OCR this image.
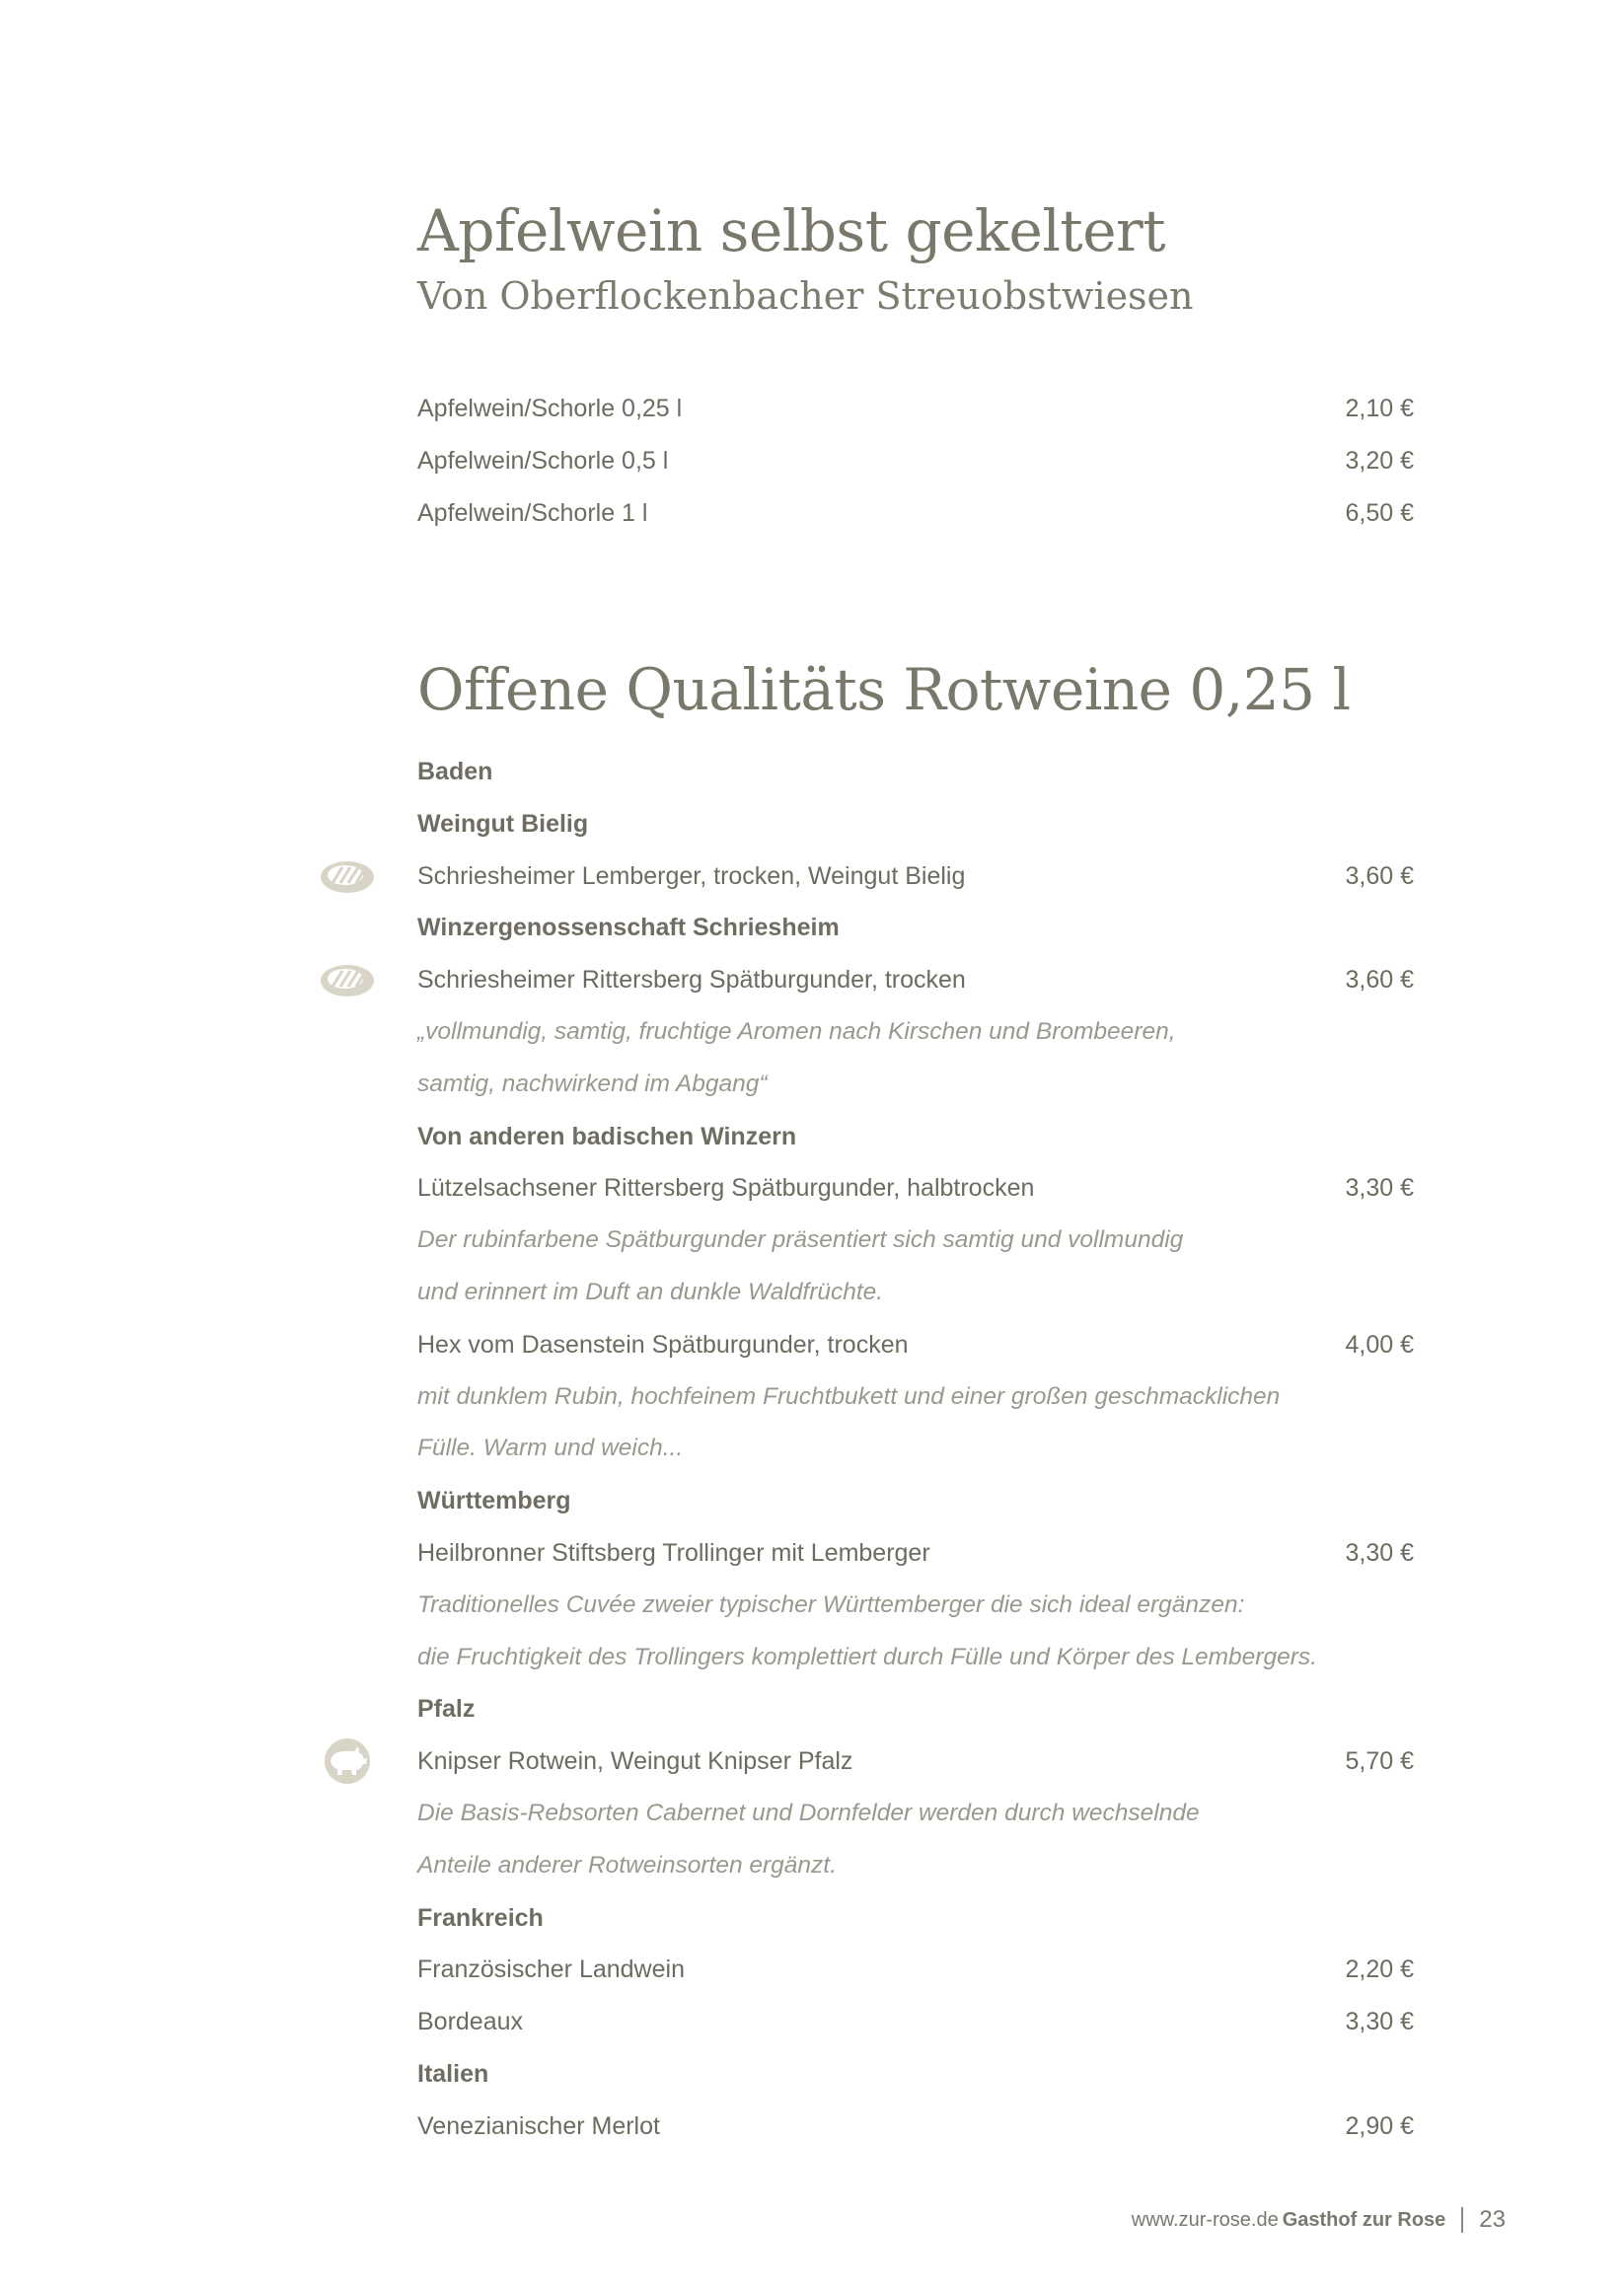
Apfelwein selbst gekeltert
Von Oberflockenbacher Streuobstwiesen
Apfelwein/Schorle 0,25 l	2,10 €
Apfelwein/Schorle 0,5 l	3,20 €
Apfelwein/Schorle 1 l	6,50 €
Offene Qualitäts Rotweine 0,25 l
Baden
Weingut Bielig
Schriesheimer Lemberger, trocken, Weingut Bielig	3,60 €
Winzergenossenschaft Schriesheim
Schriesheimer Rittersberg Spätburgunder, trocken	3,60 €
„vollmundig, samtig, fruchtige Aromen nach Kirschen und Brombeeren,
samtig, nachwirkend im Abgang“
Von anderen badischen Winzern
Lützelsachsener Rittersberg Spätburgunder, halbtrocken	3,30 €
Der rubinfarbene Spätburgunder präsentiert sich samtig und vollmundig
und erinnert im Duft an dunkle Waldfrüchte.
Hex vom Dasenstein Spätburgunder, trocken	4,00 €
mit dunklem Rubin, hochfeinem Fruchtbukett und einer großen geschmacklichen
Fülle. Warm und weich...
Württemberg
Heilbronner Stiftsberg Trollinger mit Lemberger	3,30 €
Traditionelles Cuvée zweier typischer Württemberger die sich ideal ergänzen:
die Fruchtigkeit des Trollingers komplettiert durch Fülle und Körper des Lembergers.
Pfalz
Knipser Rotwein, Weingut Knipser Pfalz	5,70 €
Die Basis-Rebsorten Cabernet und Dornfelder werden durch wechselnde
Anteile anderer Rotweinsorten ergänzt.
Frankreich
Französischer Landwein	2,20 €
Bordeaux	3,30 €
Italien
Venezianischer Merlot	2,90 €
www.zur-rose.de Gasthof zur Rose 23
